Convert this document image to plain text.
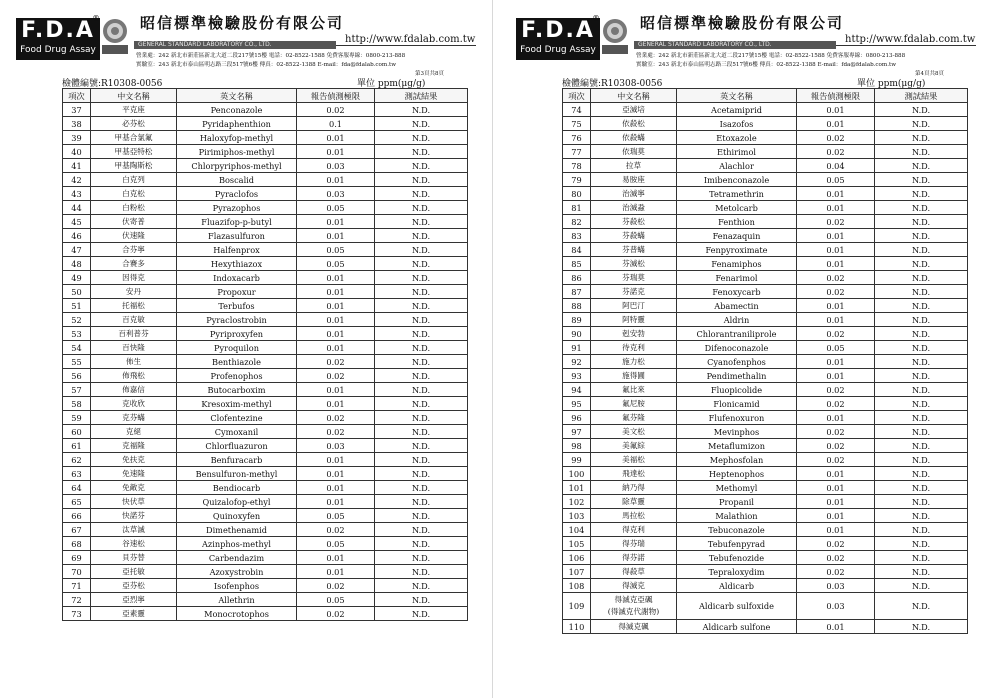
F.D.A
Food Drug Assay
®	昭信標準檢驗股份有限公司
http://www.fdalab.com.tw
GENERAL STANDARD LABORATORY CO., LTD.
營業處：242 新北市新莊區新北大道二段217號15樓 電話：02-8522-1588 免費客服專線：0800-213-888
實驗室：243 新北市泰山區明志路三段517號6樓 傳真：02-8522-1388 E-mail：fda@fdalab.com.tw
第3頁共8頁
檢體編號:R10308-0056	單位 ppm(μg/g)
項次	中文名稱	英文名稱	報告偵測極限	測試結果
37	平克座	Penconazole	0.02	N.D.
38	必芬松	Pyridaphenthion	0.1	N.D.
39	甲基合氯氟	Haloxyfop-methyl	0.01	N.D.
40	甲基亞特松	Pirimiphos-methyl	0.01	N.D.
41	甲基陶斯松	Chlorpyriphos-methyl	0.03	N.D.
42	白克列	Boscalid	0.01	N.D.
43	白克松	Pyraclofos	0.03	N.D.
44	白粉松	Pyrazophos	0.05	N.D.
45	伏寄普	Fluazifop-p-butyl	0.01	N.D.
46	伏速隆	Flazasulfuron	0.01	N.D.
47	合芬寧	Halfenprox	0.05	N.D.
48	合賽多	Hexythiazox	0.05	N.D.
49	因得克	Indoxacarb	0.01	N.D.
50	安丹	Propoxur	0.01	N.D.
51	托福松	Terbufos	0.01	N.D.
52	百克敏	Pyraclostrobin	0.01	N.D.
53	百利普芬	Pyriproxyfen	0.01	N.D.
54	百快隆	Pyroquilon	0.01	N.D.
55	佈生	Benthiazole	0.02	N.D.
56	佈飛松	Profenophos	0.02	N.D.
57	佈嘉信	Butocarboxim	0.01	N.D.
58	克收欣	Kresoxim-methyl	0.01	N.D.
59	克芬蟎	Clofentezine	0.02	N.D.
60	克絕	Cymoxanil	0.02	N.D.
61	克福隆	Chlorfluazuron	0.03	N.D.
62	免扶克	Benfuracarb	0.01	N.D.
63	免速隆	Bensulfuron-methyl	0.01	N.D.
64	免敵克	Bendiocarb	0.01	N.D.
65	快伏草	Quizalofop-ethyl	0.01	N.D.
66	快諾芬	Quinoxyfen	0.05	N.D.
67	汰草滅	Dimethenamid	0.02	N.D.
68	谷速松	Azinphos-methyl	0.05	N.D.
69	貝芬替	Carbendazim	0.01	N.D.
70	亞托敏	Azoxystrobin	0.01	N.D.
71	亞芬松	Isofenphos	0.02	N.D.
72	亞烈寧	Allethrin	0.05	N.D.
73	亞素靈	Monocrotophos	0.02	N.D.
F.D.A
Food Drug Assay
®	昭信標準檢驗股份有限公司
http://www.fdalab.com.tw
GENERAL STANDARD LABORATORY CO., LTD.
營業處：242 新北市新莊區新北大道二段217號15樓 電話：02-8522-1588 免費客服專線：0800-213-888
實驗室：243 新北市泰山區明志路三段517號6樓 傳真：02-8522-1388 E-mail：fda@fdalab.com.tw
第4頁共8頁
檢體編號:R10308-0056	單位 ppm(μg/g)
項次	中文名稱	英文名稱	報告偵測極限	測試結果
74	亞滅培	Acetamiprid	0.01	N.D.
75	依殺松	Isazofos	0.01	N.D.
76	依殺蟎	Etoxazole	0.02	N.D.
77	依瑞莫	Ethirimol	0.02	N.D.
78	拉草	Alachlor	0.04	N.D.
79	易胺座	Imibenconazole	0.05	N.D.
80	治滅寧	Tetramethrin	0.01	N.D.
81	治滅蝨	Metolcarb	0.01	N.D.
82	芬殺松	Fenthion	0.02	N.D.
83	芬殺蟎	Fenazaquin	0.01	N.D.
84	芬普蟎	Fenpyroximate	0.01	N.D.
85	芬滅松	Fenamiphos	0.01	N.D.
86	芬瑞莫	Fenarimol	0.02	N.D.
87	芬諾克	Fenoxycarb	0.02	N.D.
88	阿巴汀	Abamectin	0.01	N.D.
89	阿特靈	Aldrin	0.01	N.D.
90	剋安勃	Chlorantraniliprole	0.02	N.D.
91	待克利	Difenoconazole	0.05	N.D.
92	施力松	Cyanofenphos	0.01	N.D.
93	施得圃	Pendimethalin	0.01	N.D.
94	氟比來	Fluopicolide	0.02	N.D.
95	氟尼胺	Flonicamid	0.02	N.D.
96	氟芬隆	Flufenoxuron	0.01	N.D.
97	美文松	Mevinphos	0.02	N.D.
98	美氟綜	Metaflumizon	0.02	N.D.
99	美福松	Mephosfolan	0.02	N.D.
100	飛達松	Heptenophos	0.01	N.D.
101	納乃得	Methomyl	0.01	N.D.
102	除草靈	Propanil	0.01	N.D.
103	馬拉松	Malathion	0.01	N.D.
104	得克利	Tebuconazole	0.01	N.D.
105	得芬瑞	Tebufenpyrad	0.02	N.D.
106	得芬諾	Tebufenozide	0.02	N.D.
107	得殺草	Tepraloxydim	0.02	N.D.
108	得滅克	Aldicarb	0.03	N.D.
109	得滅克亞碸
(得滅克代謝物)	Aldicarb sulfoxide	0.03	N.D.
110	得滅克碸	Aldicarb sulfone	0.01	N.D.
